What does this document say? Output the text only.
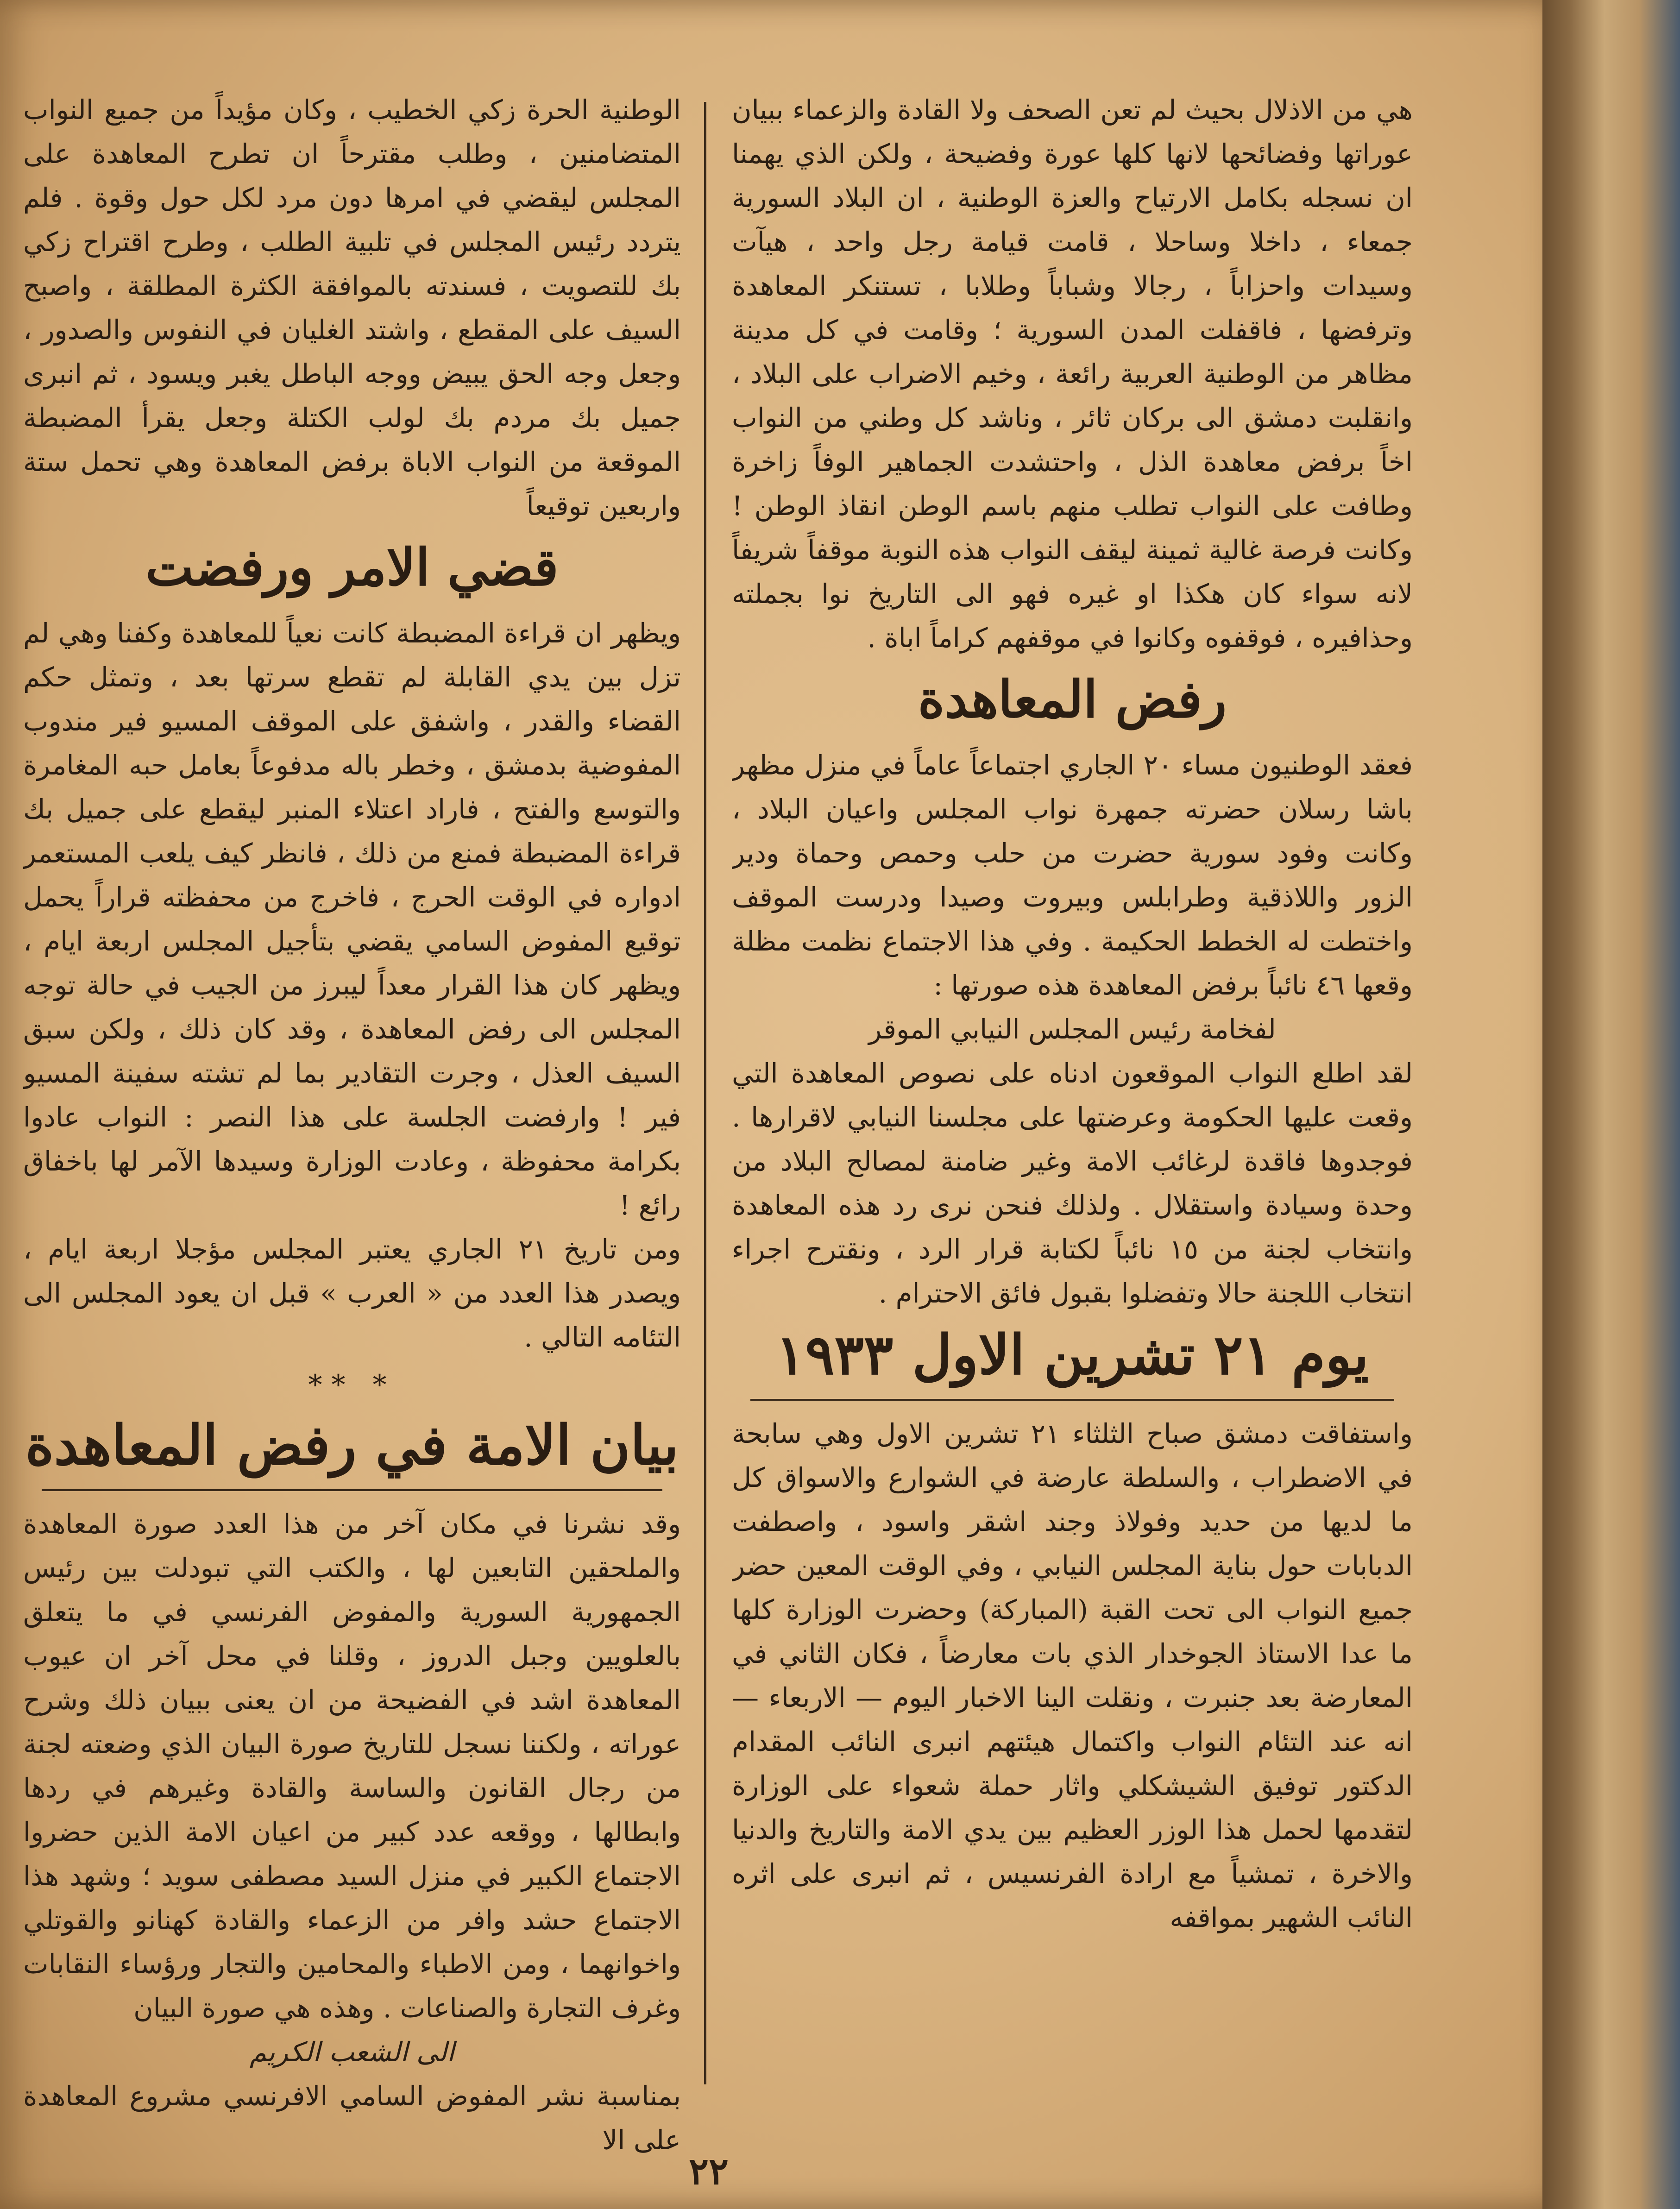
هي من الاذلال بحيث لم تعن الصحف ولا القادة والزعماء ببيان عوراتها وفضائحها لانها كلها عورة وفضيحة ، ولكن الذي يهمنا ان نسجله بكامل الارتياح والعزة الوطنية ، ان البلاد السورية جمعاء ، داخلا وساحلا ، قامت قيامة رجل واحد ، هيآت وسيدات واحزاباً ، رجالا وشباباً وطلابا ، تستنكر المعاهدة وترفضها ، فاقفلت المدن السورية ؛ وقامت في كل مدينة مظاهر من الوطنية العربية رائعة ، وخيم الاضراب على البلاد ، وانقلبت دمشق الى بركان ثائر ، وناشد كل وطني من النواب اخاً برفض معاهدة الذل ، واحتشدت الجماهير الوفاً زاخرة وطافت على النواب تطلب منهم باسم الوطن انقاذ الوطن ! وكانت فرصة غالية ثمينة ليقف النواب هذه النوبة موقفاً شريفاً لانه سواء كان هكذا او غيره فهو الى التاريخ نوا بجملته وحذافيره ، فوقفوه وكانوا في موقفهم كراماً اباة .

رفض المعاهدة

فعقد الوطنيون مساء ٢٠ الجاري اجتماعاً عاماً في منزل مظهر باشا رسلان حضرته جمهرة نواب المجلس واعيان البلاد ، وكانت وفود سورية حضرت من حلب وحمص وحماة ودير الزور واللاذقية وطرابلس وبيروت وصيدا ودرست الموقف واختطت له الخطط الحكيمة . وفي هذا الاجتماع نظمت مظلة وقعها ٤٦ نائباً برفض المعاهدة هذه صورتها :

لفخامة رئيس المجلس النيابي الموقر

لقد اطلع النواب الموقعون ادناه على نصوص المعاهدة التي وقعت عليها الحكومة وعرضتها على مجلسنا النيابي لاقرارها . فوجدوها فاقدة لرغائب الامة وغير ضامنة لمصالح البلاد من وحدة وسيادة واستقلال . ولذلك فنحن نرى رد هذه المعاهدة وانتخاب لجنة من ١٥ نائباً لكتابة قرار الرد ، ونقترح اجراء انتخاب اللجنة حالا وتفضلوا بقبول فائق الاحترام .

يوم ٢١ تشرين الاول ١٩٣٣

واستفاقت دمشق صباح الثلثاء ٢١ تشرين الاول وهي سابحة في الاضطراب ، والسلطة عارضة في الشوارع والاسواق كل ما لديها من حديد وفولاذ وجند اشقر واسود ، واصطفت الدبابات حول بناية المجلس النيابي ، وفي الوقت المعين حضر جميع النواب الى تحت القبة (المباركة) وحضرت الوزارة كلها ما عدا الاستاذ الجوخدار الذي بات معارضاً ، فكان الثاني في المعارضة بعد جنبرت ، ونقلت الينا الاخبار اليوم — الاربعاء — انه عند التئام النواب واكتمال هيئتهم انبرى النائب المقدام الدكتور توفيق الشيشكلي واثار حملة شعواء على الوزارة لتقدمها لحمل هذا الوزر العظيم بين يدي الامة والتاريخ والدنيا والاخرة ، تمشياً مع ارادة الفرنسيس ، ثم انبرى على اثره النائب الشهير بمواقفه

الوطنية الحرة زكي الخطيب ، وكان مؤيداً من جميع النواب المتضامنين ، وطلب مقترحاً ان تطرح المعاهدة على المجلس ليقضي في امرها دون مرد لكل حول وقوة . فلم يتردد رئيس المجلس في تلبية الطلب ، وطرح اقتراح زكي بك للتصويت ، فسندته بالموافقة الكثرة المطلقة ، واصبح السيف على المقطع ، واشتد الغليان في النفوس والصدور ، وجعل وجه الحق يبيض ووجه الباطل يغبر ويسود ، ثم انبرى جميل بك مردم بك لولب الكتلة وجعل يقرأ المضبطة الموقعة من النواب الاباة برفض المعاهدة وهي تحمل ستة واربعين توقيعاً

قضي الامر ورفضت

ويظهر ان قراءة المضبطة كانت نعياً للمعاهدة وكفنا وهي لم تزل بين يدي القابلة لم تقطع سرتها بعد ، وتمثل حكم القضاء والقدر ، واشفق على الموقف المسيو فير مندوب المفوضية بدمشق ، وخطر باله مدفوعاً بعامل حبه المغامرة والتوسع والفتح ، فاراد اعتلاء المنبر ليقطع على جميل بك قراءة المضبطة فمنع من ذلك ، فانظر كيف يلعب المستعمر ادواره في الوقت الحرج ، فاخرج من محفظته قراراً يحمل توقيع المفوض السامي يقضي بتأجيل المجلس اربعة ايام ، ويظهر كان هذا القرار معداً ليبرز من الجيب في حالة توجه المجلس الى رفض المعاهدة ، وقد كان ذلك ، ولكن سبق السيف العذل ، وجرت التقادير بما لم تشته سفينة المسيو فير ! وارفضت الجلسة على هذا النصر : النواب عادوا بكرامة محفوظة ، وعادت الوزارة وسيدها الآمر لها باخفاق رائع !

ومن تاريخ ٢١ الجاري يعتبر المجلس مؤجلا اربعة ايام ، ويصدر هذا العدد من « العرب » قبل ان يعود المجلس الى التئامه التالي .

* **
بيان الامة في رفض المعاهدة

وقد نشرنا في مكان آخر من هذا العدد صورة المعاهدة والملحقين التابعين لها ، والكتب التي تبودلت بين رئيس الجمهورية السورية والمفوض الفرنسي في ما يتعلق بالعلويين وجبل الدروز ، وقلنا في محل آخر ان عيوب المعاهدة اشد في الفضيحة من ان يعنى ببيان ذلك وشرح عوراته ، ولكننا نسجل للتاريخ صورة البيان الذي وضعته لجنة من رجال القانون والساسة والقادة وغيرهم في ردها وابطالها ، ووقعه عدد كبير من اعيان الامة الذين حضروا الاجتماع الكبير في منزل السيد مصطفى سويد ؛ وشهد هذا الاجتماع حشد وافر من الزعماء والقادة كهنانو والقوتلي واخوانهما ، ومن الاطباء والمحامين والتجار ورؤساء النقابات وغرف التجارة والصناعات . وهذه هي صورة البيان

الى الشعب الكريم

بمناسبة نشر المفوض السامي الافرنسي مشروع المعاهدة على الا

٢٢
